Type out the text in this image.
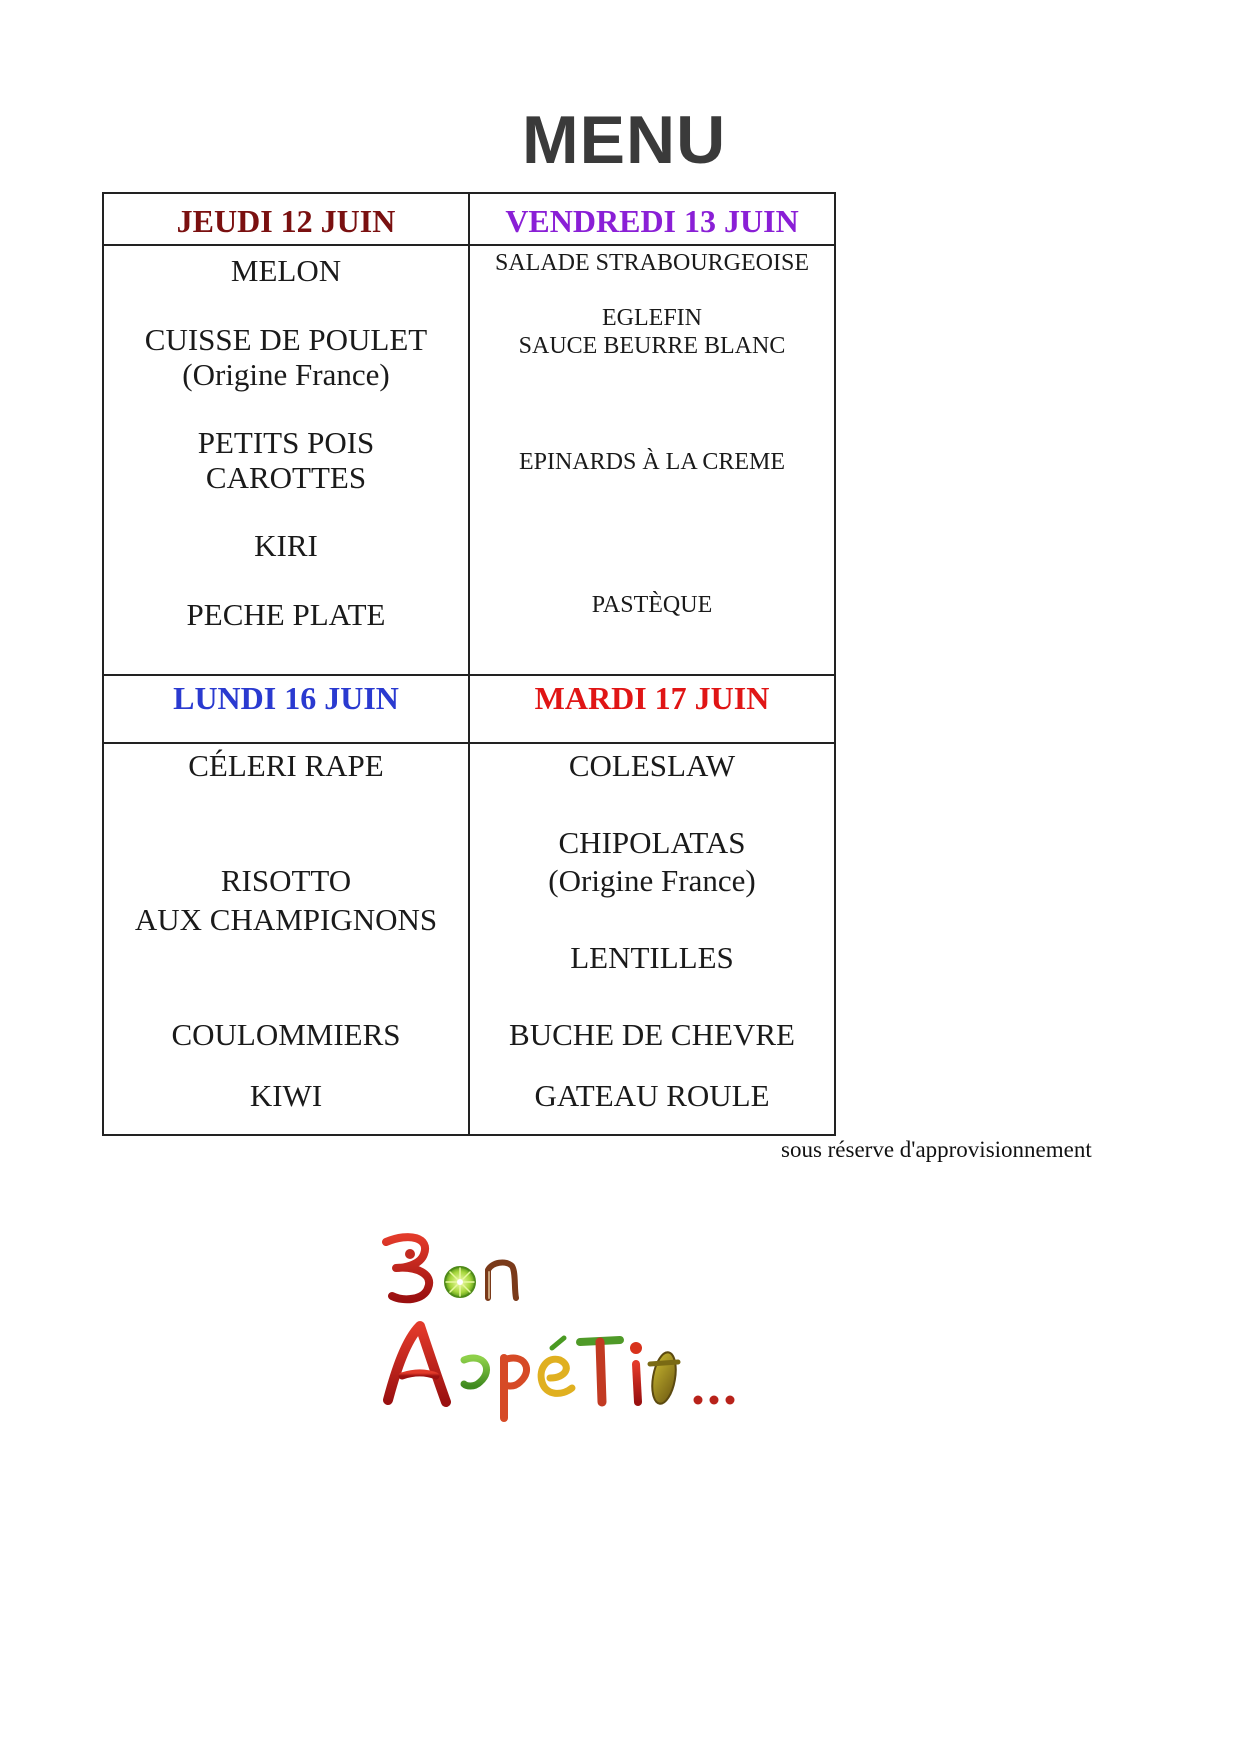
MENU
JEUDI 12 JUIN	VENDREDI 13 JUIN
MELON
CUISSE DE POULET
(Origine France)
PETITS POIS
CAROTTES
KIRI
PECHE PLATE
SALADE STRABOURGEOISE
EGLEFIN
SAUCE BEURRE BLANC
EPINARDS À LA CREME
PASTÈQUE
LUNDI 16 JUIN	MARDI 17 JUIN
CÉLERI RAPE
RISOTTO
AUX CHAMPIGNONS
COULOMMIERS
KIWI
COLESLAW
CHIPOLATAS
(Origine France)
LENTILLES
BUCHE DE CHEVRE
GATEAU ROULE
sous réserve d'approvisionnement
